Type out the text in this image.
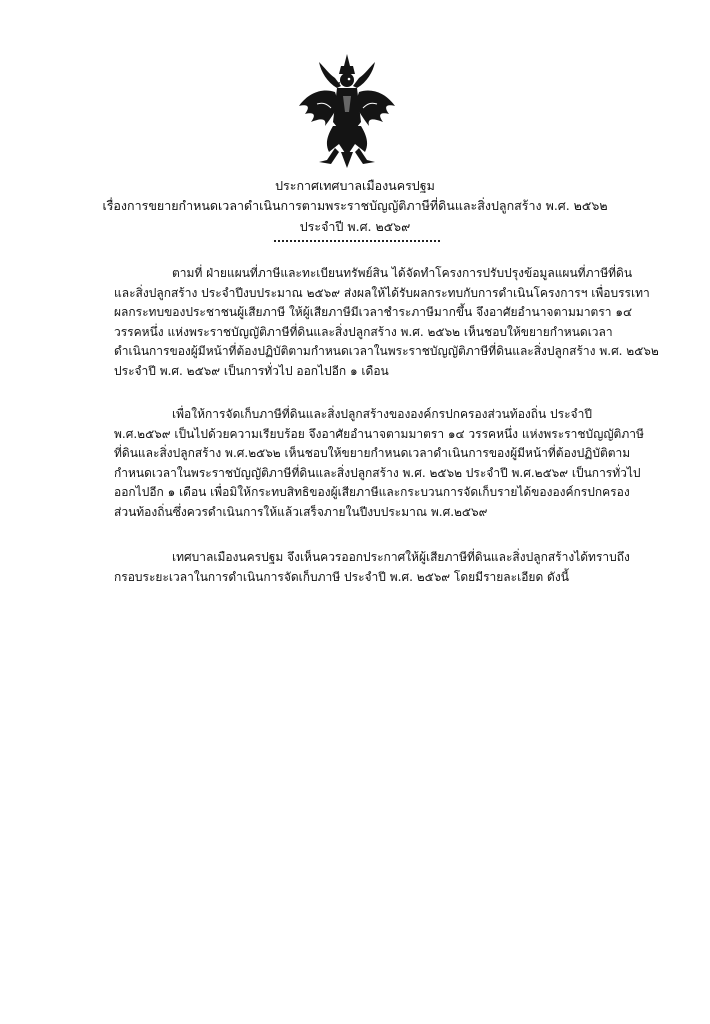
ประกาศเทศบาลเมืองนครปฐม
เรื่องการขยายกำหนดเวลาดำเนินการตามพระราชบัญญัติภาษีที่ดินและสิ่งปลูกสร้าง พ.ศ. ๒๕๖๒
ประจำปี พ.ศ. ๒๕๖๙
ตามที่ ฝ่ายแผนที่ภาษีและทะเบียนทรัพย์สิน ได้จัดทำโครงการปรับปรุงข้อมูลแผนที่ภาษีที่ดิน
และสิ่งปลูกสร้าง ประจำปีงบประมาณ ๒๕๖๙ ส่งผลให้ได้รับผลกระทบกับการดำเนินโครงการฯ เพื่อบรรเทา
ผลกระทบของประชาชนผู้เสียภาษี ให้ผู้เสียภาษีมีเวลาชำระภาษีมากขึ้น จึงอาศัยอำนาจตามมาตรา ๑๔
วรรคหนึ่ง แห่งพระราชบัญญัติภาษีที่ดินและสิ่งปลูกสร้าง พ.ศ. ๒๕๖๒ เห็นชอบให้ขยายกำหนดเวลา
ดำเนินการของผู้มีหน้าที่ต้องปฏิบัติตามกำหนดเวลาในพระราชบัญญัติภาษีที่ดินและสิ่งปลูกสร้าง พ.ศ. ๒๕๖๒
ประจำปี พ.ศ. ๒๕๖๙ เป็นการทั่วไป ออกไปอีก ๑ เดือน
เพื่อให้การจัดเก็บภาษีที่ดินและสิ่งปลูกสร้างขององค์กรปกครองส่วนท้องถิ่น ประจำปี
พ.ศ.๒๕๖๙ เป็นไปด้วยความเรียบร้อย จึงอาศัยอำนาจตามมาตรา ๑๔ วรรคหนึ่ง แห่งพระราชบัญญัติภาษี
ที่ดินและสิ่งปลูกสร้าง พ.ศ.๒๕๖๒ เห็นชอบให้ขยายกำหนดเวลาดำเนินการของผู้มีหน้าที่ต้องปฏิบัติตาม
กำหนดเวลาในพระราชบัญญัติภาษีที่ดินและสิ่งปลูกสร้าง พ.ศ. ๒๕๖๒ ประจำปี พ.ศ.๒๕๖๙ เป็นการทั่วไป
ออกไปอีก ๑ เดือน เพื่อมิให้กระทบสิทธิของผู้เสียภาษีและกระบวนการจัดเก็บรายได้ขององค์กรปกครอง
ส่วนท้องถิ่นซึ่งควรดำเนินการให้แล้วเสร็จภายในปีงบประมาณ พ.ศ.๒๕๖๙
เทศบาลเมืองนครปฐม จึงเห็นควรออกประกาศให้ผู้เสียภาษีที่ดินและสิ่งปลูกสร้างได้ทราบถึง
กรอบระยะเวลาในการดำเนินการจัดเก็บภาษี ประจำปี พ.ศ. ๒๕๖๙ โดยมีรายละเอียด ดังนี้
